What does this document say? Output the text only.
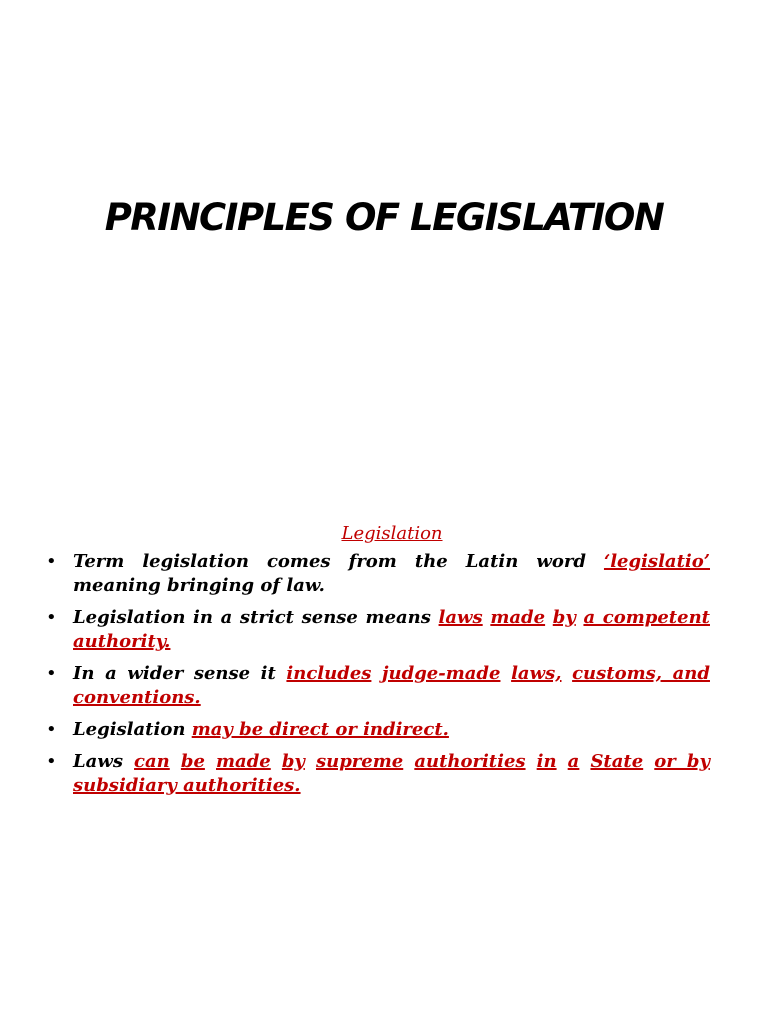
PRINCIPLES OF LEGISLATION
Legislation
• Term legislation comes from the Latin word ‘legislatio’ meaning bringing of law.
• Legislation in a strict sense means laws made by a competent authority.
• In a wider sense it includes judge-made laws, customs, and conventions.
• Legislation may be direct or indirect.
• Laws can be made by supreme authorities in a State or by subsidiary authorities.
